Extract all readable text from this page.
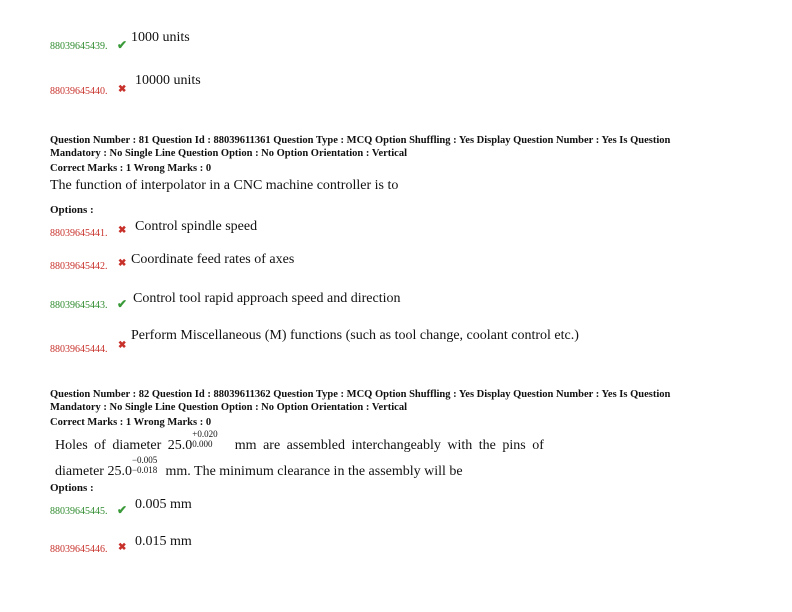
88039645439. ✔ 1000 units
88039645440. ✖
10000 units
Question Number : 81 Question Id : 88039611361 Question Type : MCQ Option Shuffling : Yes Display Question Number : Yes Is Question
Mandatory : No Single Line Question Option : No Option Orientation : Vertical
Correct Marks : 1 Wrong Marks : 0
The function of interpolator in a CNC machine controller is to
Options :
88039645441. ✖ Control spindle speed
88039645442. ✖ Coordinate feed rates of axes
88039645443. ✔ Control tool rapid approach speed and direction
88039645444. ✖
Perform Miscellaneous (M) functions (such as tool change, coolant control etc.)
Question Number : 82 Question Id : 88039611362 Question Type : MCQ Option Shuffling : Yes Display Question Number : Yes Is Question
Mandatory : No Single Line Question Option : No Option Orientation : Vertical
Correct Marks : 1 Wrong Marks : 0
Holes of diameter 25.0
+0.020
0.000 mm are assembled interchangeably with the pins of
diameter 25.0
−0.005
−0.018 mm. The minimum clearance in the assembly will be
Options :
88039645445. ✔ 0.005 mm
88039645446. ✖ 0.015 mm
